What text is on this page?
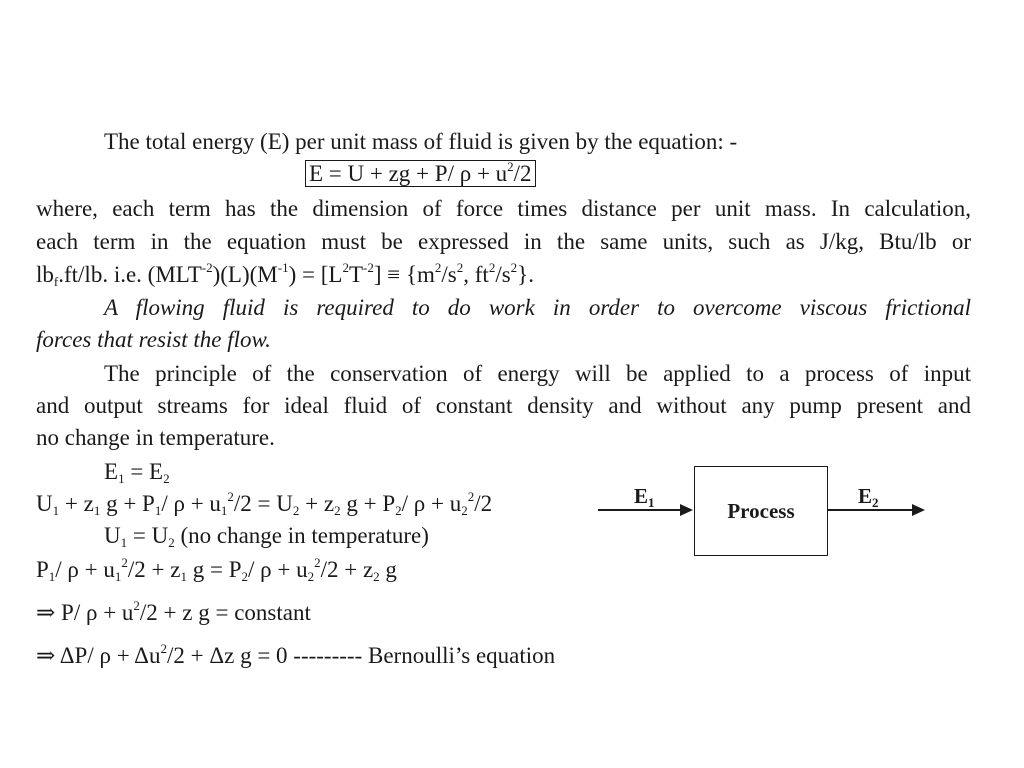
The total energy (E) per unit mass of fluid is given by the equation: -
E = U + zg + P/ $\rho + u^2/2$
where, each term has the dimension of force times distance per unit mass. In calculation,
each term in the equation must be expressed in the same units, such as J/kg, Btu/lb or
$lb_f.ft/lb$. i.e. $(MLT^{-2})(L)(M^{-1}) = [L^2T^{-2}] \equiv \{m^2/s^2$, $ft^2/s^2$}.
A flowing fluid is required to do work in order to overcome viscous frictional
forces that resist the flow.
The principle of the conservation of energy will be applied to a process of input
and output streams for ideal fluid of constant density and without any pump present and
no change in temperature.
$E_1 = E_2$
$U_1 + z_1$ $g + P_1/$ $\rho + u_1^2/2 = U_2 + z_2$ $g + P_2/$ $\rho + u_2^2/2$
$U_1 = U_2$ (no change in temperature)
$P_1/$ $\rho + u_1^2/2 + z_1$ $g = P_2/$ $\rho + u_2^2/2 + z_2$ g
⇒ P/ $\rho + u^2/2 + z$ g = constant
⇒ ΔP/ $\rho + \Delta u^2/2 + \Delta z$ g = 0 --------- Bernoulli’s equation
$E_1$	Process
$E_2$
